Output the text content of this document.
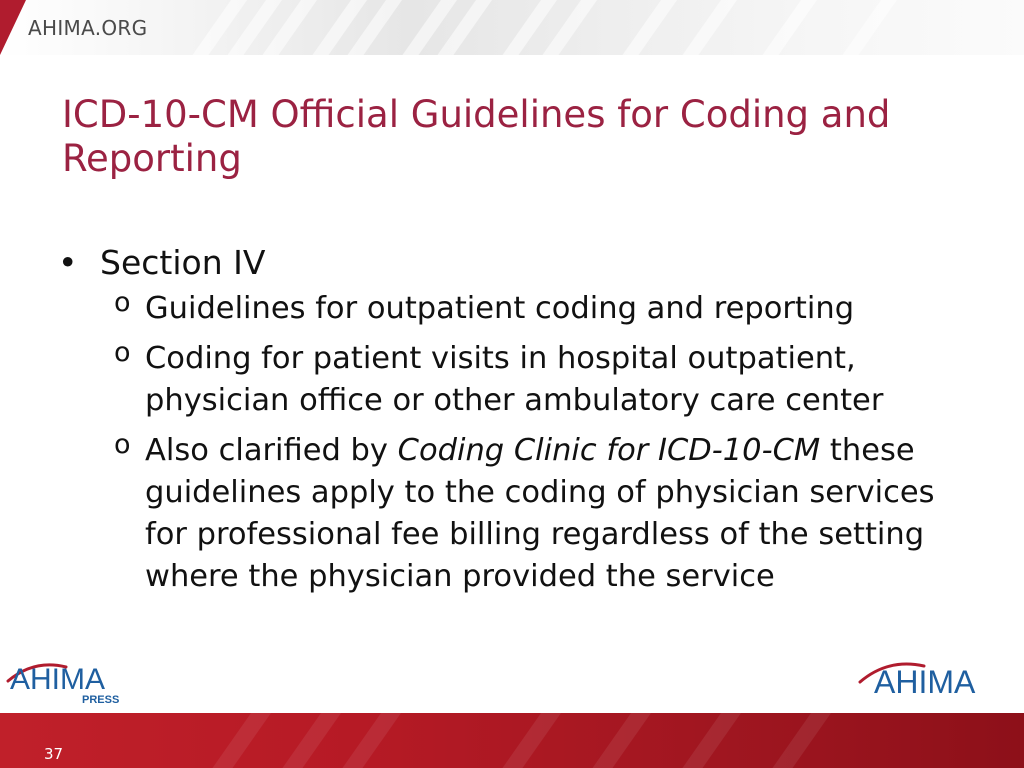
AHIMA.ORG
ICD-10-CM Official Guidelines for Coding and Reporting
• Section IV
o Guidelines for outpatient coding and reporting
o Coding for patient visits in hospital outpatient, physician office or other ambulatory care center
o Also clarified by Coding Clinic for ICD-10-CM these guidelines apply to the coding of physician services for professional fee billing regardless of the setting where the physician provided the service
AHIMA
PRESS	AHIMA
37
